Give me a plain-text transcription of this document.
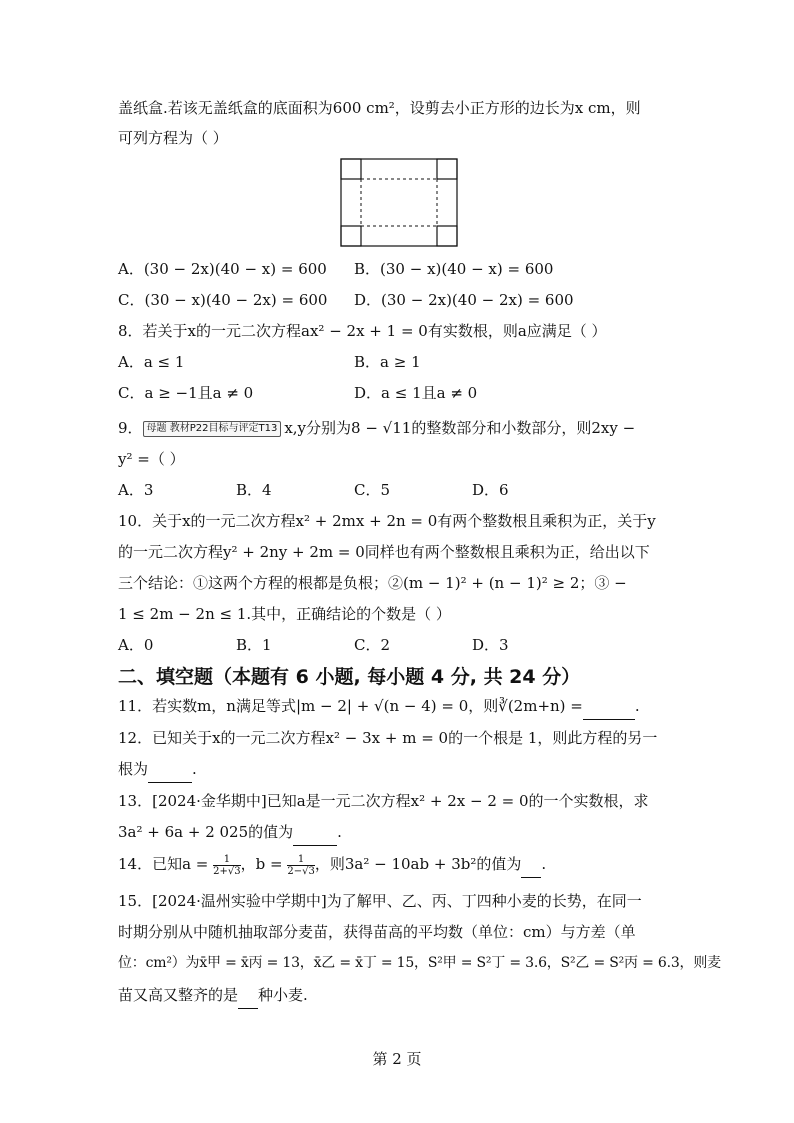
盖纸盒.若该无盖纸盒的底面积为600 cm²，设剪去小正方形的边长为x cm，则
可列方程为（ ）
A．(30 − 2x)(40 − x) = 600 B．(30 − x)(40 − x) = 600
C．(30 − x)(40 − 2x) = 600 D．(30 − 2x)(40 − 2x) = 600
8．若关于x的一元二次方程ax² − 2x + 1 = 0有实数根，则a应满足（ ）
A．a ≤ 1	B．a ≥ 1
C．a ≥ −1且a ≠ 0	D．a ≤ 1且a ≠ 0
9． 母题 教材P22目标与评定T13 x,y分别为8 − √11的整数部分和小数部分，则2xy −
y² =（ ）
A．3	B．4	C．5	D．6
10．关于x的一元二次方程x² + 2mx + 2n = 0有两个整数根且乘积为正，关于y
的一元二次方程y² + 2ny + 2m = 0同样也有两个整数根且乘积为正，给出以下
三个结论：①这两个方程的根都是负根；②(m − 1)² + (n − 1)² ≥ 2；③ −
1 ≤ 2m − 2n ≤ 1.其中，正确结论的个数是（ ）
A．0	B．1	C．2	D．3
二、填空题（本题有 6 小题, 每小题 4 分, 共 24 分）
11．若实数m，n满足等式|m − 2| + √(n − 4) = 0，则∛(2m+n) =	.
12．已知关于x的一元二次方程x² − 3x + m = 0的一个根是 1，则此方程的另一
根为	.
13．[2024·金华期中]已知a是一元二次方程x² + 2x − 2 = 0的一个实数根，求
3a² + 6a + 2 025的值为	.
14．已知$a = \frac{1}{2+√3}$ ，$b = \frac{1}{2-√3}$ ，则3a² − 10ab + 3b²的值为 .
15．[2024·温州实验中学期中]为了解甲、乙、丙、丁四种小麦的长势，在同一
时期分别从中随机抽取部分麦苗，获得苗高的平均数（单位：cm）与方差（单
位：cm²）为x̄甲 = x̄丙 = 13，x̄乙 = x̄丁 = 15，S²甲 = S²丁 = 3.6，S²乙 = S²丙 = 6.3，则麦
苗又高又整齐的是 种小麦.
第 2 页
